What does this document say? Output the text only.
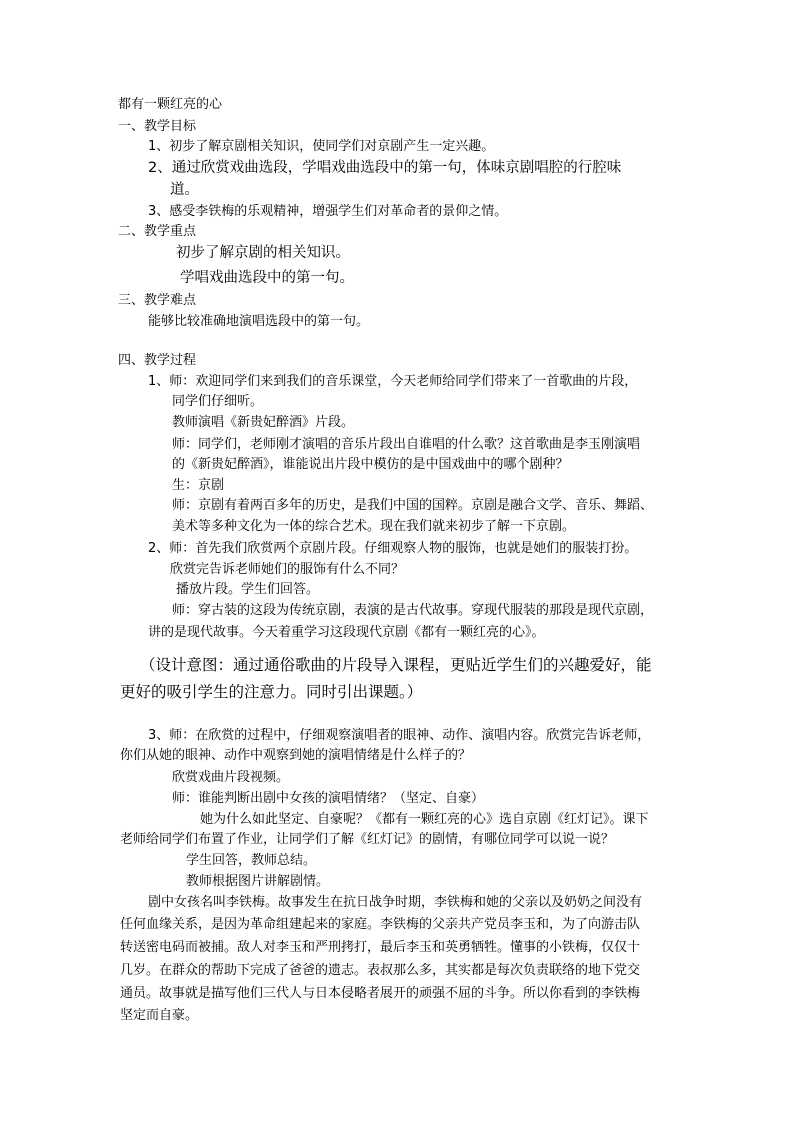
都有一颗红亮的心
一、教学目标
1、初步了解京剧相关知识，使同学们对京剧产生一定兴趣。
2、通过欣赏戏曲选段，学唱戏曲选段中的第一句，体味京剧唱腔的行腔味
道。
3、感受李铁梅的乐观精神，增强学生们对革命者的景仰之情。
二、教学重点
初步了解京剧的相关知识。
学唱戏曲选段中的第一句。
三、教学难点
能够比较准确地演唱选段中的第一句。
四、教学过程
1、师：欢迎同学们来到我们的音乐课堂，今天老师给同学们带来了一首歌曲的片段，
同学们仔细听。
教师演唱《新贵妃醉酒》片段。
师：同学们，老师刚才演唱的音乐片段出自谁唱的什么歌？这首歌曲是李玉刚演唱
的《新贵妃醉酒》，谁能说出片段中模仿的是中国戏曲中的哪个剧种？
生：京剧
师：京剧有着两百多年的历史，是我们中国的国粹。京剧是融合文学、音乐、舞蹈、
美术等多种文化为一体的综合艺术。现在我们就来初步了解一下京剧。
2、师：首先我们欣赏两个京剧片段。仔细观察人物的服饰，也就是她们的服装打扮。
欣赏完告诉老师她们的服饰有什么不同？
播放片段。学生们回答。
师：穿古装的这段为传统京剧，表演的是古代故事。穿现代服装的那段是现代京剧，
讲的是现代故事。今天着重学习这段现代京剧《都有一颗红亮的心》。
（设计意图：通过通俗歌曲的片段导入课程，更贴近学生们的兴趣爱好，能
更好的吸引学生的注意力。同时引出课题。）
3、师：在欣赏的过程中，仔细观察演唱者的眼神、动作、演唱内容。欣赏完告诉老师，
你们从她的眼神、动作中观察到她的演唱情绪是什么样子的？
欣赏戏曲片段视频。
师：谁能判断出剧中女孩的演唱情绪？（坚定、自豪）
她为什么如此坚定、自豪呢？《都有一颗红亮的心》选自京剧《红灯记》。课下
老师给同学们布置了作业，让同学们了解《红灯记》的剧情，有哪位同学可以说一说？
学生回答，教师总结。
教师根据图片讲解剧情。
剧中女孩名叫李铁梅。故事发生在抗日战争时期，李铁梅和她的父亲以及奶奶之间没有
任何血缘关系，是因为革命组建起来的家庭。李铁梅的父亲共产党员李玉和，为了向游击队
转送密电码而被捕。敌人对李玉和严刑拷打，最后李玉和英勇牺牲。懂事的小铁梅，仅仅十
几岁。在群众的帮助下完成了爸爸的遗志。表叔那么多，其实都是每次负责联络的地下党交
通员。故事就是描写他们三代人与日本侵略者展开的顽强不屈的斗争。所以你看到的李铁梅
坚定而自豪。
